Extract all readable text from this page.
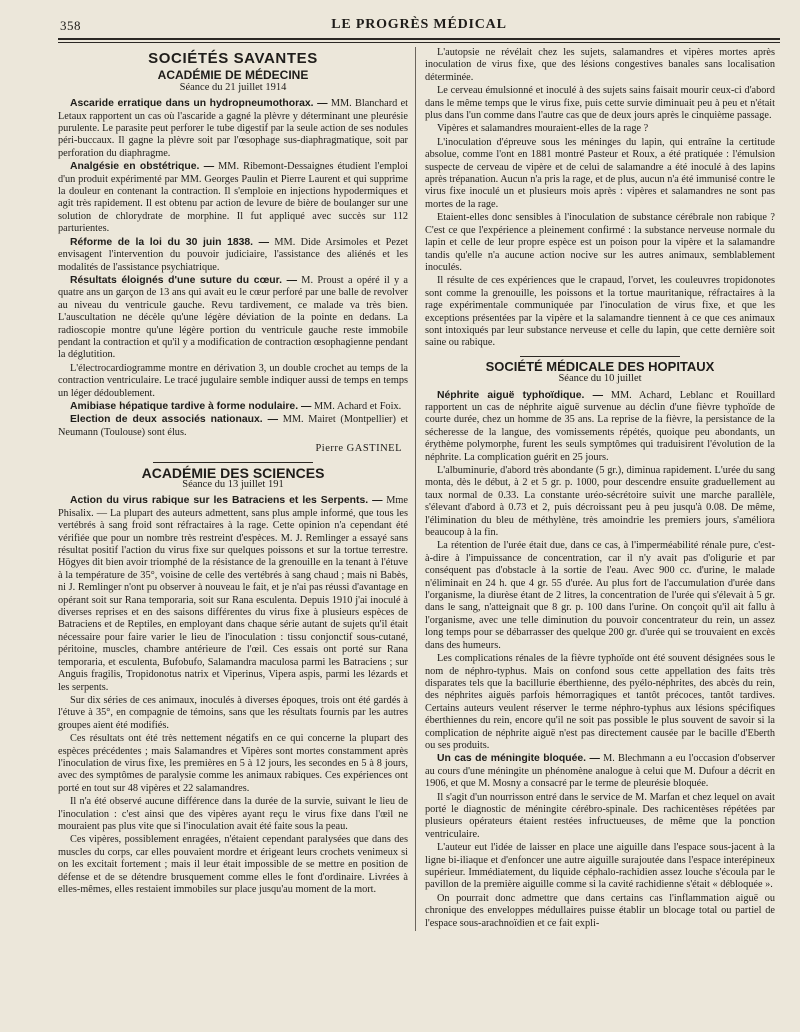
358	LE PROGRÈS MÉDICAL
SOCIÉTÉS SAVANTES
ACADÉMIE DE MÉDECINE
Séance du 21 juillet 1914

Ascaride erratique dans un hydropneumothorax. — MM. Blanchard et Letaux rapportent un cas où l'ascaride a gagné la plèvre y déterminant une pleurésie purulente. Le parasite peut perforer le tube digestif par la seule action de ses nodules péri-buccaux. Il gagne la plèvre soit par l'œsophage sus-diaphragmatique, soit par perforation du diaphragme.

Analgésie en obstétrique. — MM. Ribemont-Dessaignes étudient l'emploi d'un produit expérimenté par MM. Georges Paulin et Pierre Laurent et qui supprime la douleur en contenant la contraction. Il s'emploie en injections hypodermiques et agit très rapidement. Il est obtenu par action de levure de bière de boulanger sur une solution de chlorydrate de morphine. Il fut appliqué avec succès sur 112 parturientes.

Réforme de la loi du 30 juin 1838. — MM. Dide Arsimoles et Pezet envisagent l'intervention du pouvoir judiciaire, l'assistance des aliénés et les modalités de l'assistance psychiatrique.

Résultats éloignés d'une suture du cœur. — M. Proust a opéré il y a quatre ans un garçon de 13 ans qui avait eu le cœur perforé par une balle de revolver au niveau du ventricule gauche. Revu tardivement, ce malade va très bien. L'auscultation ne décèle qu'une légère déviation de la pointe en dedans. La radioscopie montre qu'une légère portion du ventricule gauche reste immobile pendant la contraction et qu'il y a modification de contraction œsophagienne pendant la déglutition.

L'électrocardiogramme montre en dérivation 3, un double crochet au temps de la contraction ventriculaire. Le tracé jugulaire semble indiquer aussi de temps en temps un léger dédoublement.

Amibiase hépatique tardive à forme nodulaire. — MM. Achard et Foix.

Election de deux associés nationaux. — MM. Mairet (Montpellier) et Neumann (Toulouse) sont élus.

Pierre GASTINEL
ACADÉMIE DES SCIENCES
Séance du 13 juillet 191

Action du virus rabique sur les Batraciens et les Serpents. — Mme Phisalix. — La plupart des auteurs admettent, sans plus ample informé, que tous les vertébrés à sang froid sont réfractaires à la rage. Cette opinion n'a cependant été vérifiée que pour un nombre très restreint d'espèces. M. J. Remlinger a essayé sans résultat positif l'action du virus fixe sur quelques poissons et sur la tortue terrestre. Högyes dit bien avoir triomphé de la résistance de la grenouille en la tenant à l'étuve à la température de 35°, voisine de celle des vertébrés à sang chaud ; mais ni Babès, ni J. Remlinger n'ont pu observer à nouveau le fait, et je n'ai pas réussi d'avantage en opérant soit sur Rana temporaria, soit sur Rana esculenta. Depuis 1910 j'ai inoculé à diverses reprises et en des saisons différentes du virus fixe à plusieurs espèces de Batraciens et de Reptiles, en employant dans chaque série autant de sujets qu'il était nécessaire pour faire varier le lieu de l'inoculation : tissu conjonctif sous-cutané, péritoine, muscles, chambre antérieure de l'œil. Ces essais ont porté sur Rana temporaria, et esculenta, Bufobufo, Salamandra maculosa parmi les Batraciens ; sur Anguis fragilis, Tropidonotus natrix et Viperinus, Vipera aspis, parmi les lézards et les serpents.

Sur dix séries de ces animaux, inoculés à diverses époques, trois ont été gardés à l'étuve à 35°, en compagnie de témoins, sans que les résultats fournis par les autres groupes aient été modifiés.

Ces résultats ont été très nettement négatifs en ce qui concerne la plupart des espèces précédentes ; mais Salamandres et Vipères sont mortes constamment après l'inoculation de virus fixe, les premières en 5 à 12 jours, les secondes en 5 à 8 jours, avec des symptômes de paralysie comme les animaux rabiques. Ces expériences ont porté en tout sur 48 vipères et 22 salamandres.

Il n'a été observé aucune différence dans la durée de la survie, suivant le lieu de l'inoculation : c'est ainsi que des vipères ayant reçu le virus fixe dans l'œil ne mouraient pas plus vite que si l'inoculation avait été faite sous la peau.

Ces vipères, possiblement enragées, n'étaient cependant paralysées que dans des muscles du corps, car elles pouvaient mordre et érigeant leurs crochets venimeux si on les excitait fortement ; mais il leur était impossible de se mettre en position de défense et de se détendre brusquement comme elles le font d'ordinaire. Livrées à elles-mêmes, elles restaient immobiles sur place jusqu'au moment de la mort.

L'autopsie ne révélait chez les sujets, salamandres et vipères mortes après inoculation de virus fixe, que des lésions congestives banales sans localisation déterminée.

Le cerveau émulsionné et inoculé à des sujets sains faisait mourir ceux-ci d'abord dans le même temps que le virus fixe, puis cette survie diminuait peu à peu et n'était plus dans l'un comme dans l'autre cas que de deux jours après le cinquième passage.

Vipères et salamandres mouraient-elles de la rage ?

L'inoculation d'épreuve sous les méninges du lapin, qui entraîne la certitude absolue, comme l'ont en 1881 montré Pasteur et Roux, a été pratiquée : l'émulsion suspecte de cerveau de vipère et de celui de salamandre a été inoculé à des lapins après trépanation. Aucun n'a pris la rage, et de plus, aucun n'a été immunisé contre le virus fixe inoculé un et plusieurs mois après : vipères et salamandres ne sont pas mortes de la rage.

Etaient-elles donc sensibles à l'inoculation de substance cérébrale non rabique ? C'est ce que l'expérience a pleinement confirmé : la substance nerveuse normale du lapin et celle de leur propre espèce est un poison pour la vipère et la salamandre tandis qu'elle n'a aucune action nocive sur les autres animaux, semblablement inoculés.

Il résulte de ces expériences que le crapaud, l'orvet, les couleuvres tropidonotes sont comme la grenouille, les poissons et la tortue mauritanique, réfractaires à la rage expérimentale communiquée par l'inoculation de virus fixe, et que les exceptions présentées par la vipère et la salamandre tiennent à ce que ces animaux sont intoxiqués par leur substance nerveuse et celle du lapin, que cette dernière soit saine ou rabique.

SOCIÉTÉ MÉDICALE DES HOPITAUX
Séance du 10 juillet

Néphrite aiguë typhoïdique. — MM. Achard, Leblanc et Rouillard rapportent un cas de néphrite aiguë survenue au déclin d'une fièvre typhoïde de courte durée, chez un homme de 35 ans. La reprise de la fièvre, la persistance de la sécheresse de la langue, des vomissements répétés, quoique peu abondants, un érythème polymorphe, furent les seuls symptômes qui traduisirent l'évolution de la néphrite. La complication guérit en 25 jours.

L'albuminurie, d'abord très abondante (5 gr.), diminua rapidement. L'urée du sang monta, dès le début, à 2 et 5 gr. p. 1000, pour descendre ensuite graduellement au taux normal de 0.33. La constante uréo-sécrétoire suivit une marche parallèle, s'élevant d'abord à 0.73 et 2, puis décroissant peu à peu jusqu'à 0.08. De même, l'élimination du bleu de méthylène, très amoindrie les premiers jours, s'améliora beaucoup à la fin.

La rétention de l'urée était due, dans ce cas, à l'imperméabilité rénale pure, c'est-à-dire à l'impuissance de concentration, car il n'y avait pas d'oligurie et par conséquent pas d'obstacle à la sortie de l'eau. Avec 900 cc. d'urine, le malade n'éliminait en 24 h. que 4 gr. 55 d'urée. Au plus fort de l'accumulation d'urée dans l'organisme, la diurèse étant de 2 litres, la concentration de l'urée qui s'élevait à 5 gr. dans le sang, n'atteignait que 8 gr. p. 100 dans l'urine. On conçoit qu'il ait fallu à l'organisme, avec une telle diminution du pouvoir concentrateur du rein, un assez long temps pour se débarrasser des quelque 200 gr. d'urée qui se trouvaient en excès dans des humeurs.

Les complications rénales de la fièvre typhoïde ont été souvent désignées sous le nom de néphro-typhus. Mais on confond sous cette appellation des faits très disparates tels que la bacillurie éberthienne, des pyélo-néphrites, des abcès du rein, des néphrites aiguës parfois hémorragiques et tantôt précoces, tantôt tardives. Certains auteurs veulent réserver le terme néphro-typhus aux lésions spécifiques éberthiennes du rein, encore qu'il ne soit pas possible le plus souvent de savoir si la complication de néphrite aiguë n'est pas directement causée par le bacille d'Eberth ou ses produits.

Un cas de méningite bloquée. — M. Blechmann a eu l'occasion d'observer au cours d'une méningite un phénomène analogue à celui que M. Dufour a décrit en 1906, et que M. Mosny a consacré par le terme de pleurésie bloquée.

Il s'agit d'un nourrisson entré dans le service de M. Marfan et chez lequel on avait porté le diagnostic de méningite cérébro-spinale. Des rachicentèses répétées par plusieurs opérateurs étaient restées infructueuses, de même que la ponction ventriculaire.

L'auteur eut l'idée de laisser en place une aiguille dans l'espace sous-jacent à la ligne bi-iliaque et d'enfoncer une autre aiguille surajoutée dans l'espace interépineux supérieur. Immédiatement, du liquide céphalo-rachidien assez louche s'écoula par le pavillon de la première aiguille comme si la cavité rachidienne s'était « débloquée ».

On pourrait donc admettre que dans certains cas l'inflammation aiguë ou chronique des enveloppes médullaires puisse établir un blocage total ou partiel de l'espace sous-arachnoïdien et ce fait expli-
